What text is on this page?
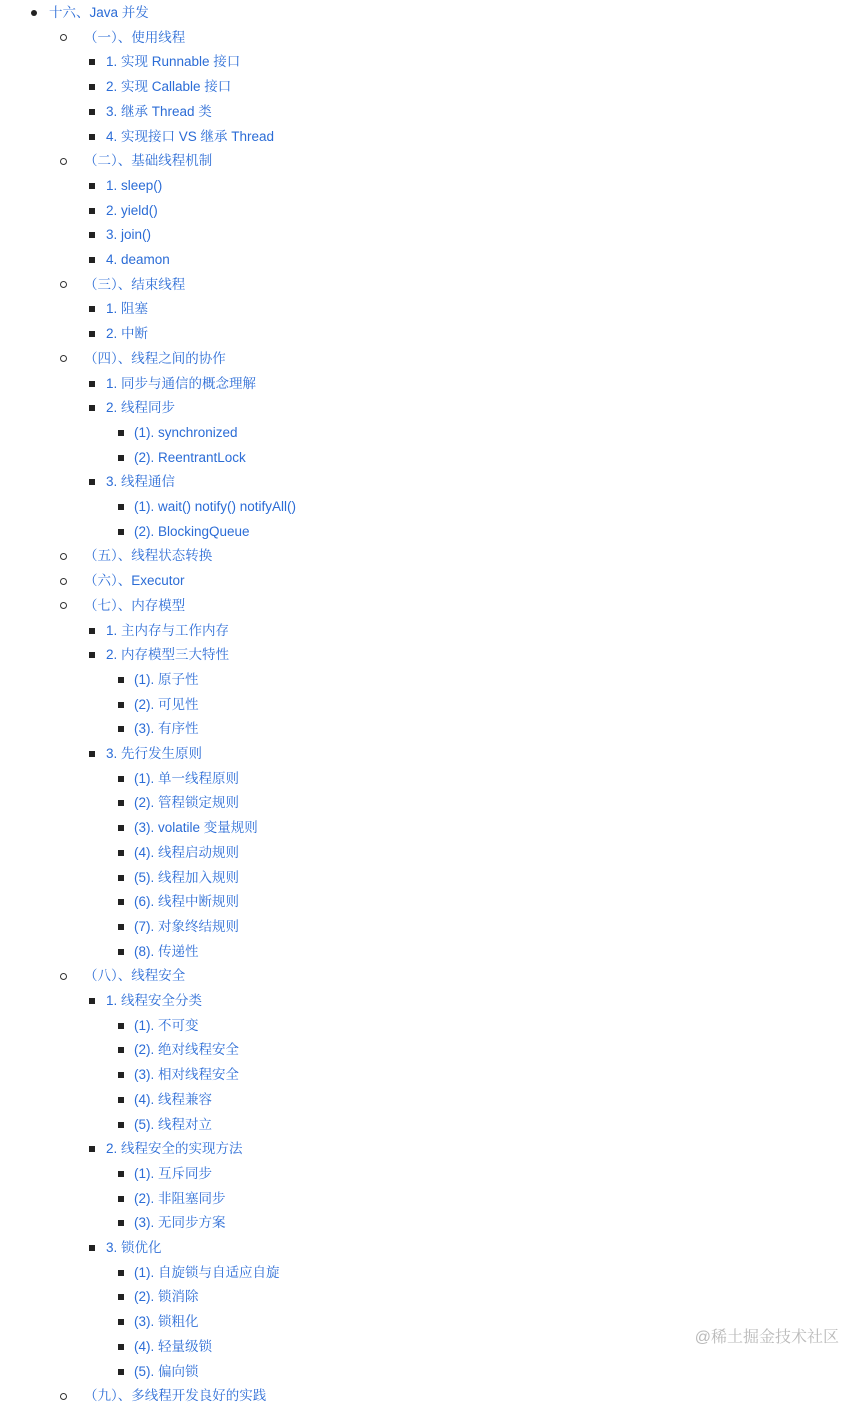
十六、Java 并发
（一）、使用线程
1. 实现 Runnable 接口
2. 实现 Callable 接口
3. 继承 Thread 类
4. 实现接口 VS 继承 Thread
（二）、基础线程机制
1. sleep()
2. yield()
3. join()
4. deamon
（三）、结束线程
1. 阻塞
2. 中断
（四）、线程之间的协作
1. 同步与通信的概念理解
2. 线程同步
(1). synchronized
(2). ReentrantLock
3. 线程通信
(1). wait() notify() notifyAll()
(2). BlockingQueue
（五）、线程状态转换
（六）、Executor
（七）、内存模型
1. 主内存与工作内存
2. 内存模型三大特性
(1). 原子性
(2). 可见性
(3). 有序性
3. 先行发生原则
(1). 单一线程原则
(2). 管程锁定规则
(3). volatile 变量规则
(4). 线程启动规则
(5). 线程加入规则
(6). 线程中断规则
(7). 对象终结规则
(8). 传递性
（八）、线程安全
1. 线程安全分类
(1). 不可变
(2). 绝对线程安全
(3). 相对线程安全
(4). 线程兼容
(5). 线程对立
2. 线程安全的实现方法
(1). 互斥同步
(2). 非阻塞同步
(3). 无同步方案
3. 锁优化
(1). 自旋锁与自适应自旋
(2). 锁消除
(3). 锁粗化
(4). 轻量级锁
(5). 偏向锁
（九）、多线程开发良好的实践
@稀土掘金技术社区
